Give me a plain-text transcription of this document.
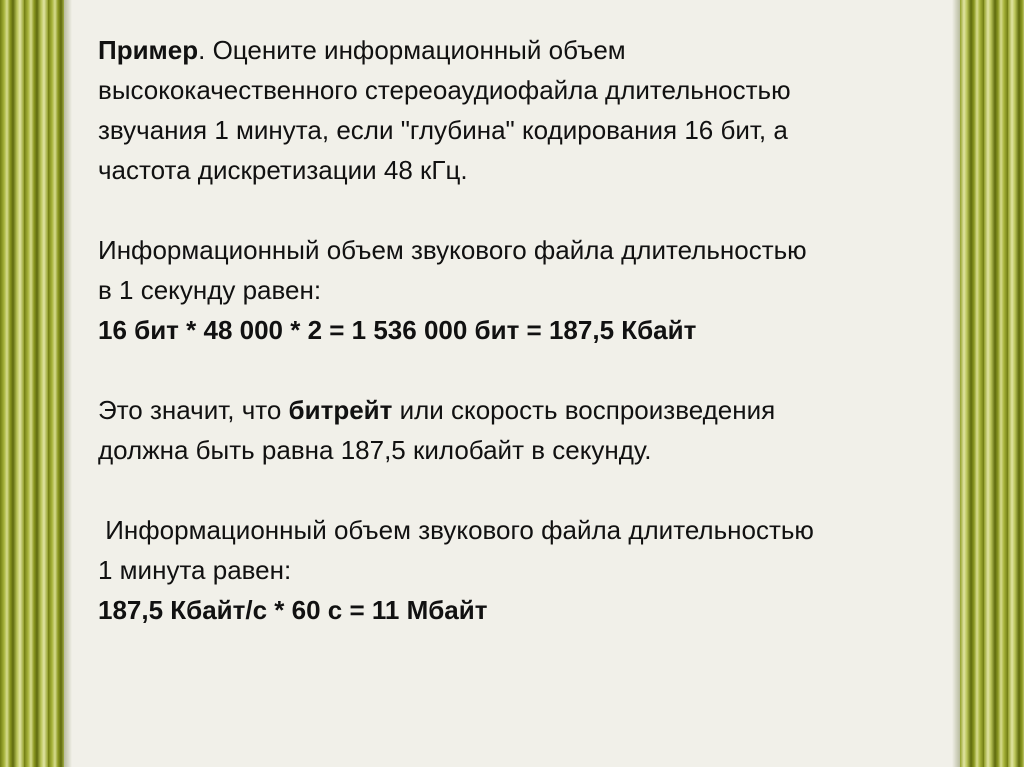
Пример. Оцените информационный объем
высококачественного стереоаудиофайла длительностью
звучания 1 минута, если "глубина" кодирования 16 бит, а
частота дискретизации 48 кГц.
Информационный объем звукового файла длительностью
в 1 секунду равен:
16 бит * 48 000 * 2 = 1 536 000 бит = 187,5 Кбайт
Это значит, что битрейт или скорость воспроизведения
должна быть равна 187,5 килобайт в секунду.
Информационный объем звукового файла длительностью
1 минута равен:
187,5 Кбайт/с * 60 с = 11 Мбайт
